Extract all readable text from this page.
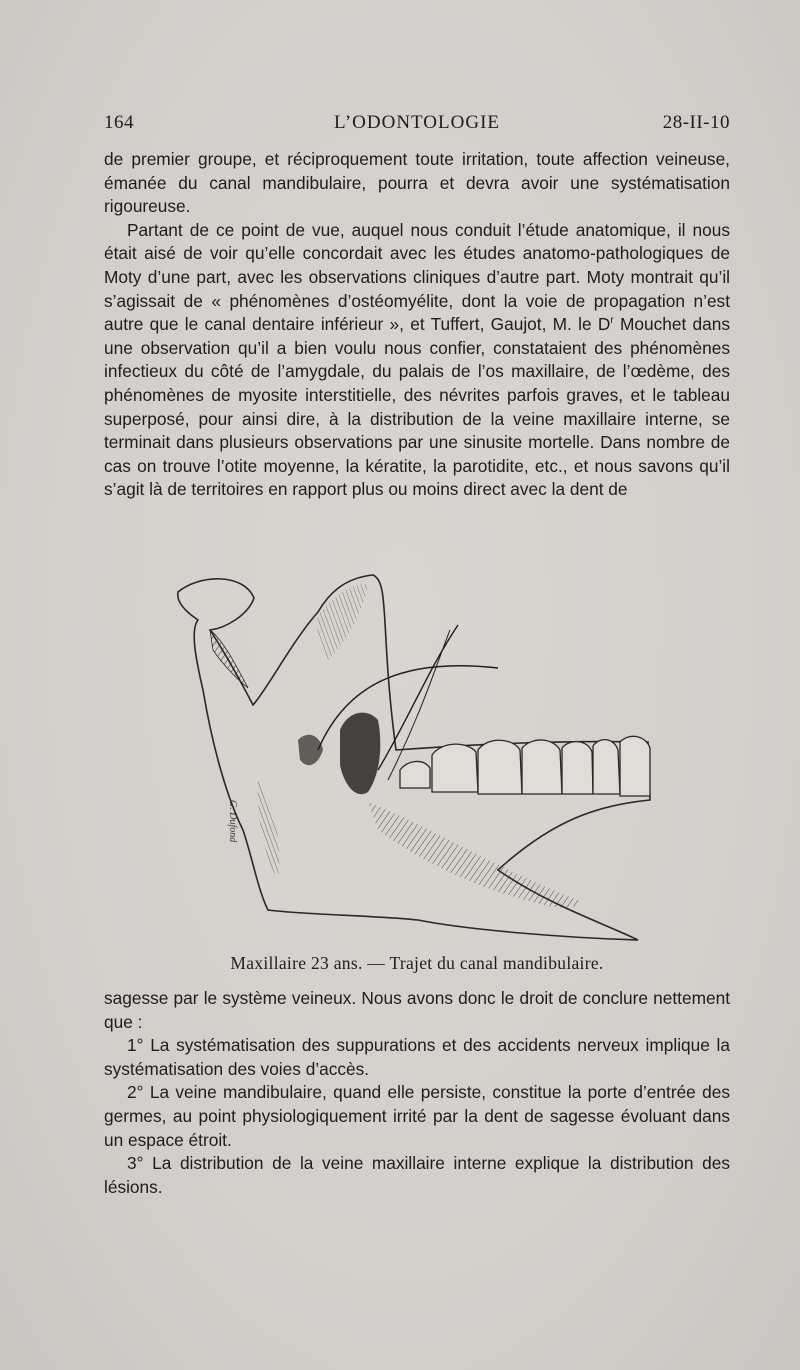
164	L’ODONTOLOGIE	28-II-10

de premier groupe, et réciproquement toute irritation, toute affection veineuse, émanée du canal mandibulaire, pourra et devra avoir une systématisation rigoureuse.

Partant de ce point de vue, auquel nous conduit l’étude anatomique, il nous était aisé de voir qu’elle concordait avec les études anatomo-pathologiques de Moty d’une part, avec les observations cliniques d’autre part. Moty montrait qu’il s’agissait de « phénomènes d’ostéomyélite, dont la voie de propagation n’est autre que le canal dentaire inférieur », et Tuffert, Gaujot, M. le $D^r$ Mouchet dans une observation qu’il a bien voulu nous confier, constataient des phénomènes infectieux du côté de l’amygdale, du palais de l’os maxillaire, de l’œdème, des phénomènes de myosite interstitielle, des névrites parfois graves, et le tableau superposé, pour ainsi dire, à la distribution de la veine maxillaire interne, se terminait dans plusieurs observations par une sinusite mortelle. Dans nombre de cas on trouve l’otite moyenne, la kératite, la parotidite, etc., et nous savons qu’il s’agit là de territoires en rapport plus ou moins direct avec la dent de

G. Dufond
Maxillaire 23 ans. — Trajet du canal mandibulaire.

sagesse par le système veineux. Nous avons donc le droit de conclure nettement que :

1° La systématisation des suppurations et des accidents nerveux implique la systématisation des voies d’accès.

2° La veine mandibulaire, quand elle persiste, constitue la porte d’entrée des germes, au point physiologiquement irrité par la dent de sagesse évoluant dans un espace étroit.

3° La distribution de la veine maxillaire interne explique la distribution des lésions.
